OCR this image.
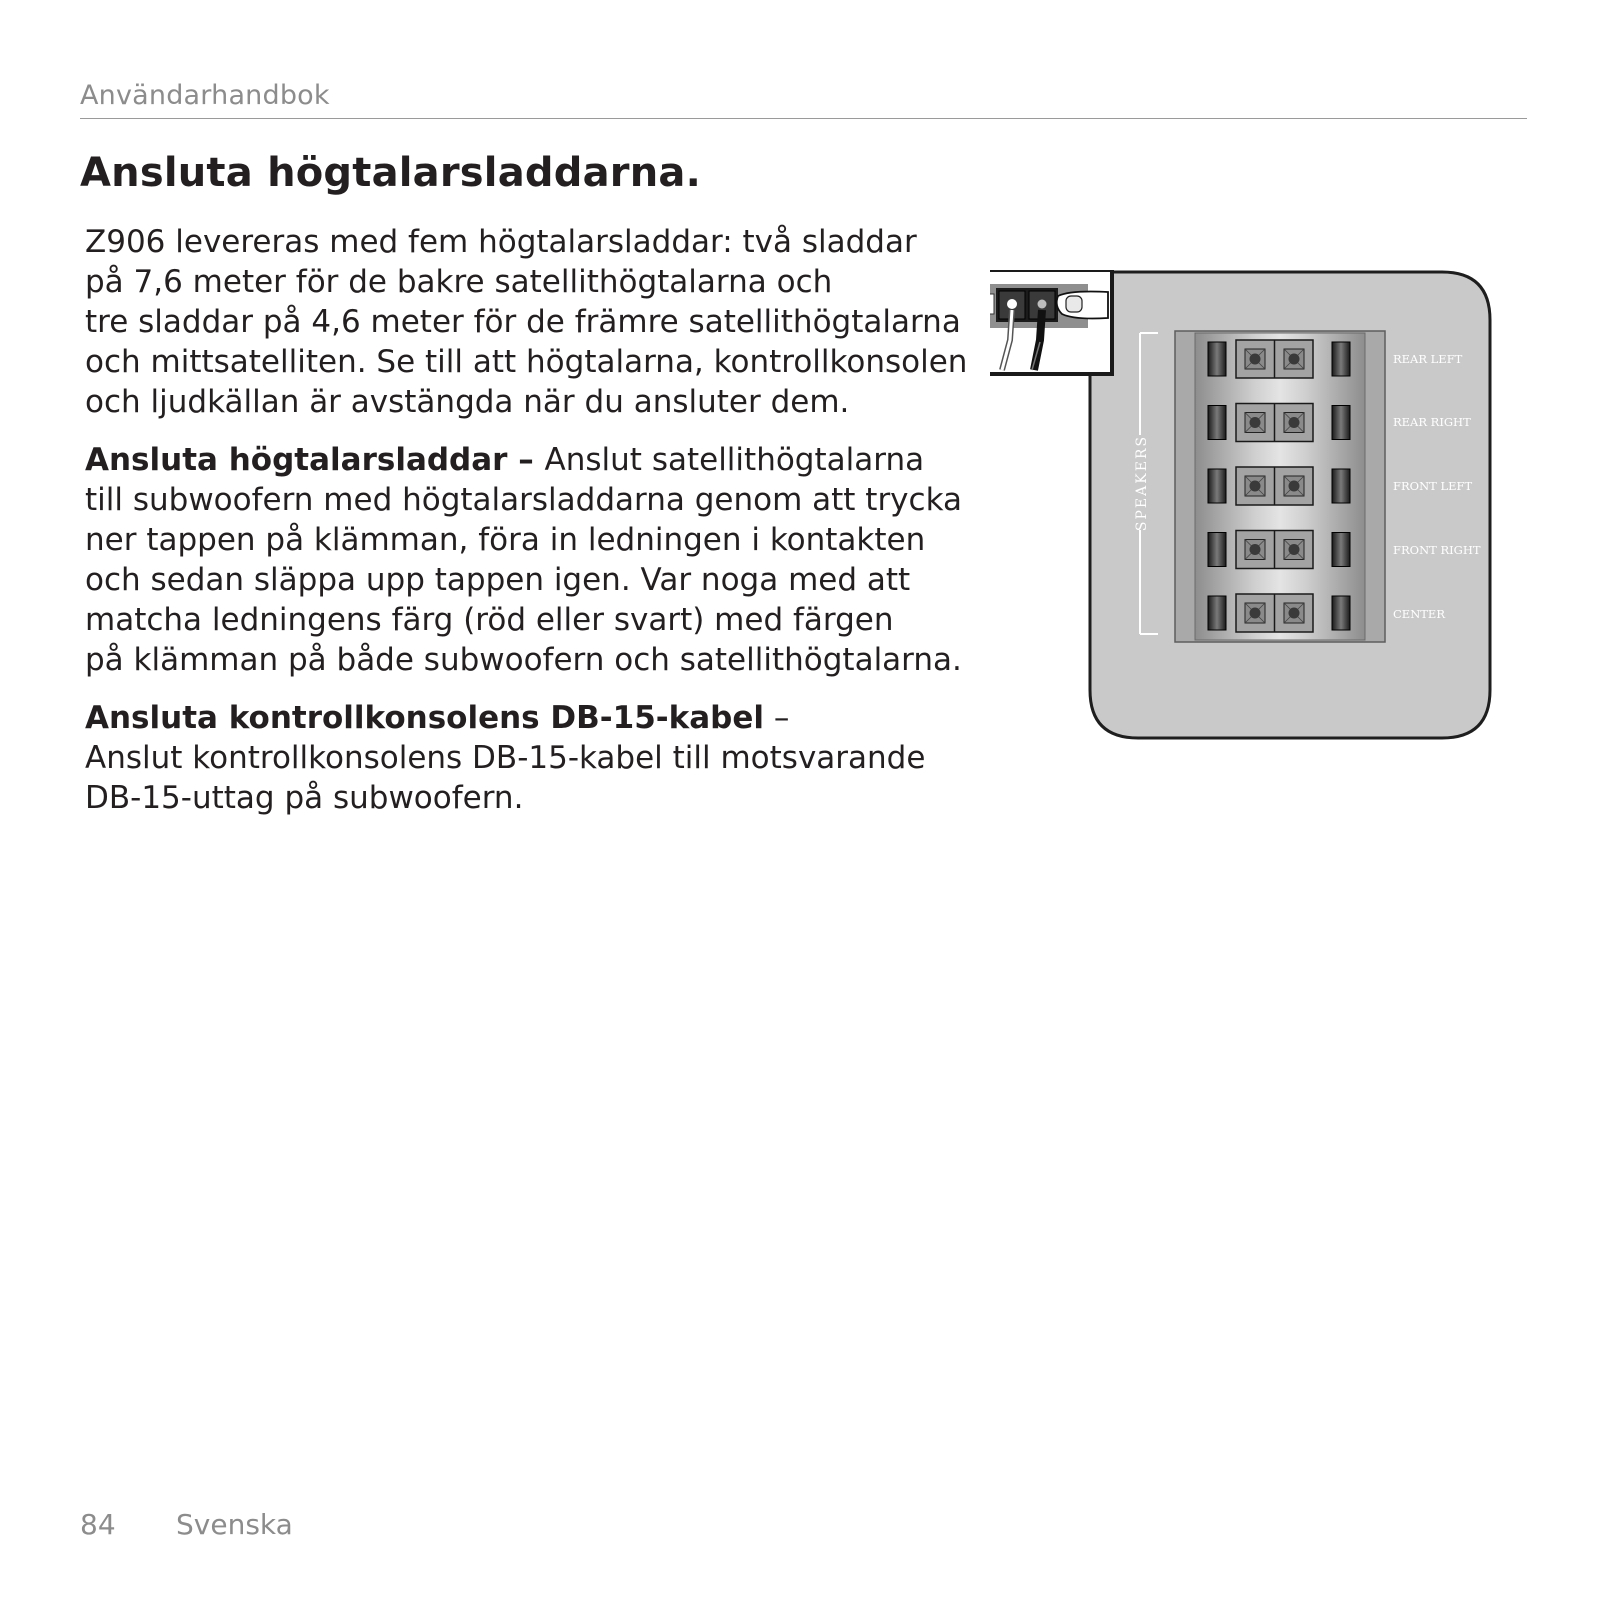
Användarhandbok
Ansluta högtalarsladdarna.

Z906 levereras med fem högtalarsladdar: två sladdar
på 7,6 meter för de bakre satellithögtalarna och
tre sladdar på 4,6 meter för de främre satellithögtalarna
och mittsatelliten. Se till att högtalarna, kontrollkonsolen
och ljudkällan är avstängda när du ansluter dem.

Ansluta högtalarsladdar – Anslut satellithögtalarna
till subwoofern med högtalarsladdarna genom att trycka
ner tappen på klämman, föra in ledningen i kontakten
och sedan släppa upp tappen igen. Var noga med att
matcha ledningens färg (röd eller svart) med färgen
på klämman på både subwoofern och satellithögtalarna.

Ansluta kontrollkonsolens DB-15-kabel –
Anslut kontrollkonsolens DB-15-kabel till motsvarande
DB-15-uttag på subwoofern.

SPEAKERS
REAR LEFT
REAR RIGHT
FRONT LEFT
FRONT RIGHT
CENTER
84 Svenska
